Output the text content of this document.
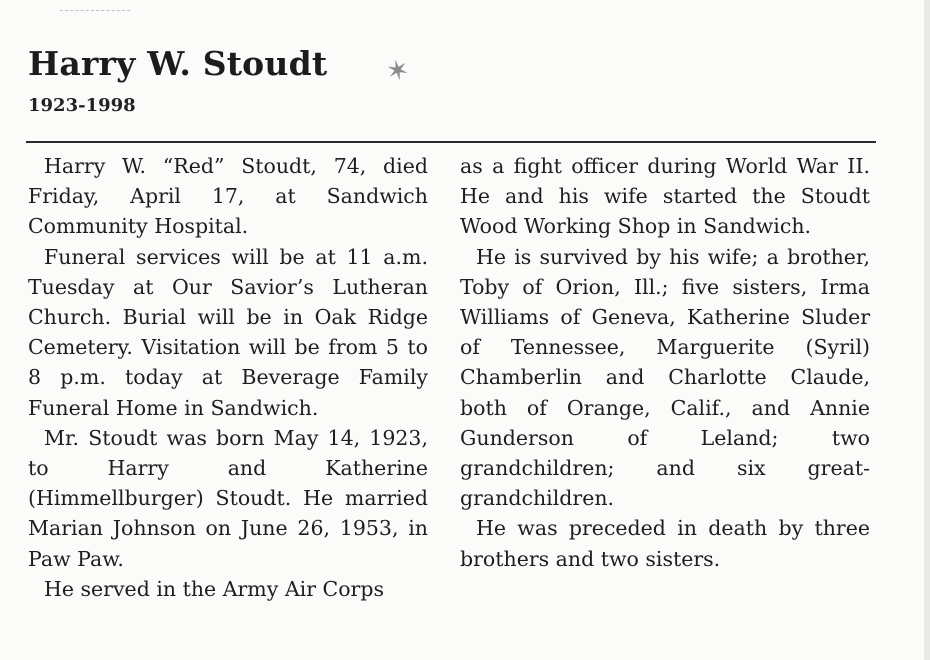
Harry W. Stoudt ✶
1923-1998

Harry W. “Red” Stoudt, 74, died Friday, April 17, at Sandwich Community Hospital.

Funeral services will be at 11 a.m. Tuesday at Our Savior’s Lutheran Church. Burial will be in Oak Ridge Cemetery. Visitation will be from 5 to 8 p.m. today at Beverage Family Funeral Home in Sandwich.

Mr. Stoudt was born May 14, 1923, to Harry and Katherine (Himmellburger) Stoudt. He married Marian Johnson on June 26, 1953, in Paw Paw.

He served in the Army Air Corps

as a fight officer during World War II. He and his wife started the Stoudt Wood Working Shop in Sandwich.

He is survived by his wife; a brother, Toby of Orion, Ill.; five sisters, Irma Williams of Geneva, Katherine Sluder of Tennessee, Marguerite (Syril) Chamberlin and Charlotte Claude, both of Orange, Calif., and Annie Gunderson of Leland; two grandchildren; and six great-grandchildren.

He was preceded in death by three brothers and two sisters.
